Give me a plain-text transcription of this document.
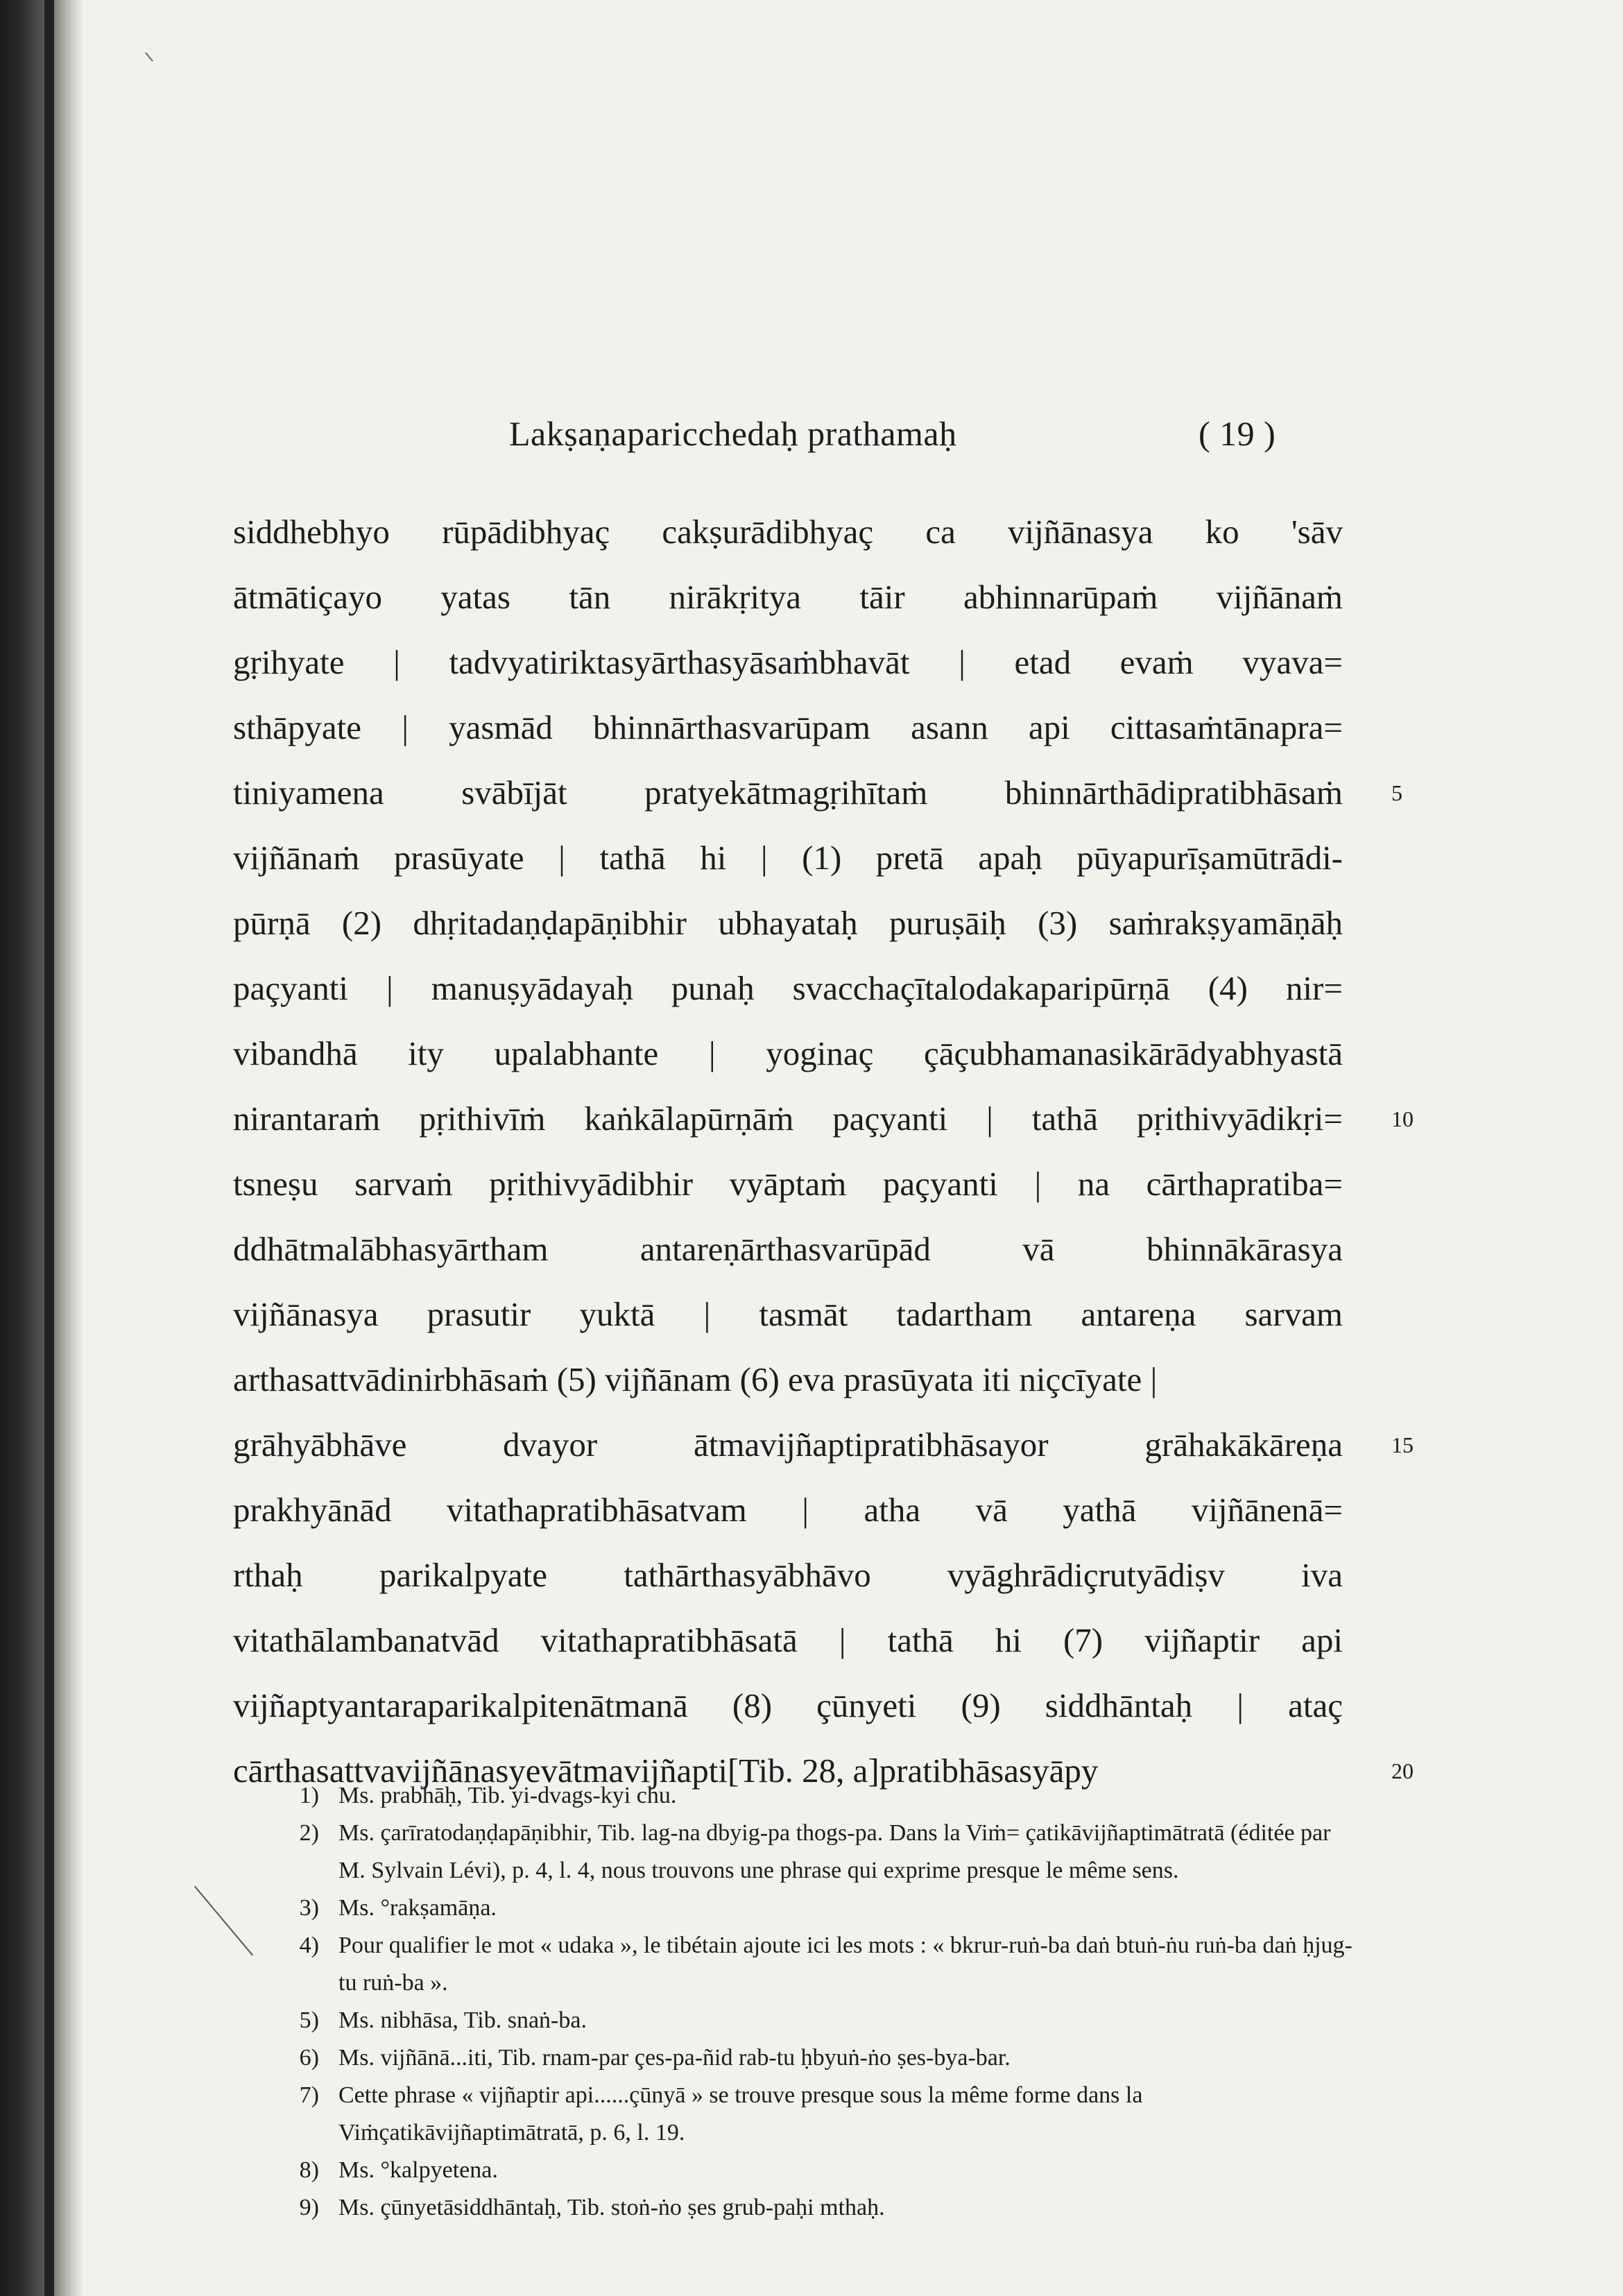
Lakṣaṇaparicchedaḥ prathamaḥ	( 19 )
siddhebhyo rūpādibhyaç cakṣurādibhyaç ca vijñānasya ko 'sāv
ātmātiçayo yatas tān nirākṛitya tāir abhinnarūpaṁ vijñānaṁ
gṛihyate | tadvyatiriktasyārthasyāsaṁbhavāt | etad evaṁ vyava=
sthāpyate | yasmād bhinnārthasvarūpam asann api cittasaṁtānapra=
tiniyamena svābījāt pratyekātmagṛihītaṁ bhinnārthādipratibhāsaṁ 5
vijñānaṁ prasūyate | tathā hi | (1) pretā apaḥ pūyapurīṣamūtrādi-
pūrṇā (2) dhṛitadaṇḍapāṇibhir ubhayataḥ puruṣāiḥ (3) saṁrakṣyamāṇāḥ
paçyanti | manuṣyādayaḥ punaḥ svacchaçītalodakaparipūrṇā (4) nir=
vibandhā ity upalabhante | yoginaç çāçubhamanasikārādyabhyastā
nirantaraṁ pṛithivīṁ kaṅkālapūrṇāṁ paçyanti | tathā pṛithivyādikṛi= 10
tsneṣu sarvaṁ pṛithivyādibhir vyāptaṁ paçyanti | na cārthapratiba=
ddhātmalābhasyārtham antareṇārthasvarūpād vā bhinnākārasya
vijñānasya prasutir yuktā | tasmāt tadartham antareṇa sarvam
arthasattvādinirbhāsaṁ (5) vijñānam (6) eva prasūyata iti niçcīyate |
grāhyābhāve dvayor ātmavijñaptipratibhāsayor grāhakākāreṇa 15
prakhyānād vitathapratibhāsatvam | atha vā yathā vijñānenā=
rthaḥ parikalpyate tathārthasyābhāvo vyāghrādiçrutyādiṣv iva
vitathālambanatvād vitathapratibhāsatā | tathā hi (7) vijñaptir api
vijñaptyantaraparikalpitenātmanā (8) çūnyeti (9) siddhāntaḥ | ataç
cārthasattvavijñānasyevātmavijñapti[Tib. 28, a]pratibhāsasyāpy	20
1) Ms. prabhāḥ, Tib. yi-dvags-kyi chu.
2) Ms. çarīratodaṇḍapāṇibhir, Tib. lag-na dbyig-pa thogs-pa. Dans la Viṁ= çatikāvijñaptimātratā (éditée par M. Sylvain Lévi), p. 4, l. 4, nous trouvons une phrase qui exprime presque le même sens.
3) Ms. °rakṣamāṇa.
4) Pour qualifier le mot « udaka », le tibétain ajoute ici les mots : « bkrur-ruṅ-ba daṅ btuṅ-ṅu ruṅ-ba daṅ ḥjug-tu ruṅ-ba ».
5) Ms. nibhāsa, Tib. snaṅ-ba.
6) Ms. vijñānā...iti, Tib. rnam-par çes-pa-ñid rab-tu ḥbyuṅ-ṅo ṣes-bya-bar.
7) Cette phrase « vijñaptir api......çūnyā » se trouve presque sous la même forme dans la Viṁçatikāvijñaptimātratā, p. 6, l. 19.
8) Ms. °kalpyetena.
9) Ms. çūnyetāsiddhāntaḥ, Tib. stoṅ-ṅo ṣes grub-paḥi mthaḥ.
